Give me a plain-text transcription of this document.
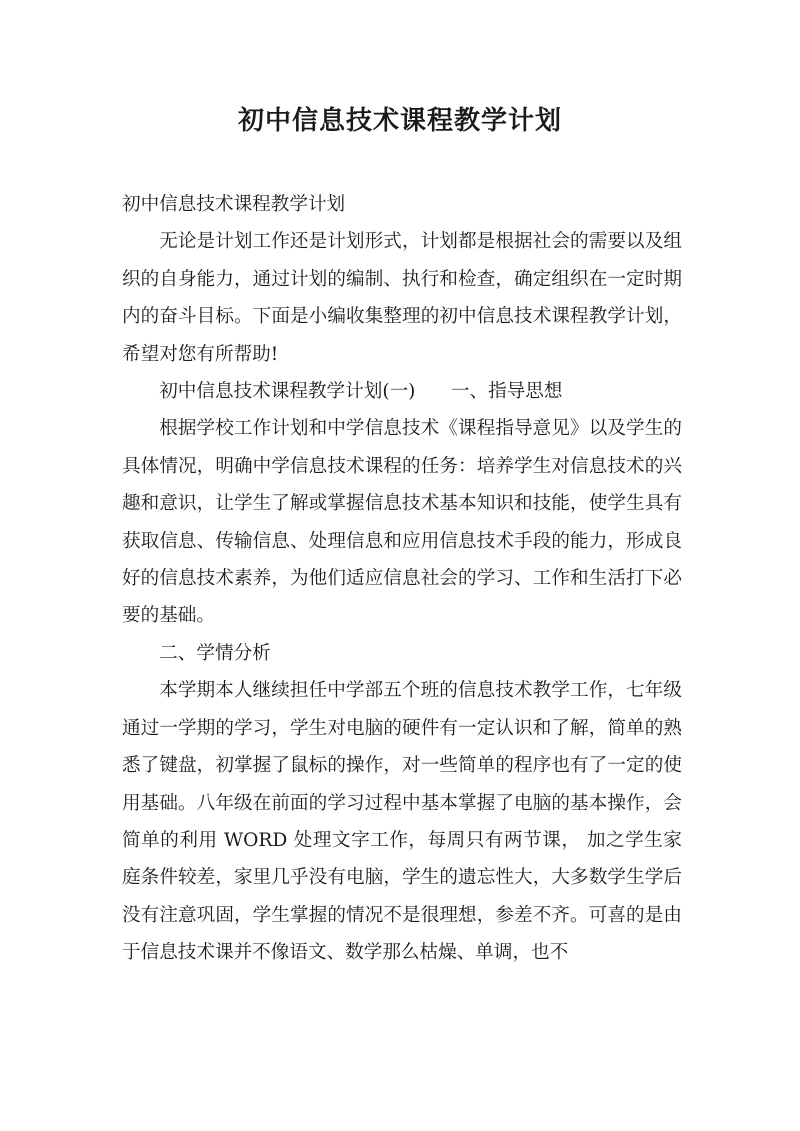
初中信息技术课程教学计划

初中信息技术课程教学计划

无论是计划工作还是计划形式，计划都是根据社会的需要以及组织的自身能力，通过计划的编制、执行和检查，确定组织在一定时期内的奋斗目标。下面是小编收集整理的初中信息技术课程教学计划，希望对您有所帮助!

初中信息技术课程教学计划(一)      一、指导思想

根据学校工作计划和中学信息技术《课程指导意见》以及学生的具体情况，明确中学信息技术课程的任务：培养学生对信息技术的兴趣和意识，让学生了解或掌握信息技术基本知识和技能，使学生具有获取信息、传输信息、处理信息和应用信息技术手段的能力，形成良好的信息技术素养，为他们适应信息社会的学习、工作和生活打下必要的基础。

二、学情分析

本学期本人继续担任中学部五个班的信息技术教学工作，七年级通过一学期的学习，学生对电脑的硬件有一定认识和了解，简单的熟悉了键盘，初掌握了鼠标的操作，对一些简单的程序也有了一定的使用基础。八年级在前面的学习过程中基本掌握了电脑的基本操作，会简单的利用 WORD 处理文字工作，每周只有两节课， 加之学生家庭条件较差，家里几乎没有电脑，学生的遗忘性大，大多数学生学后没有注意巩固，学生掌握的情况不是很理想，参差不齐。可喜的是由于信息技术课并不像语文、数学那么枯燥、单调，也不
